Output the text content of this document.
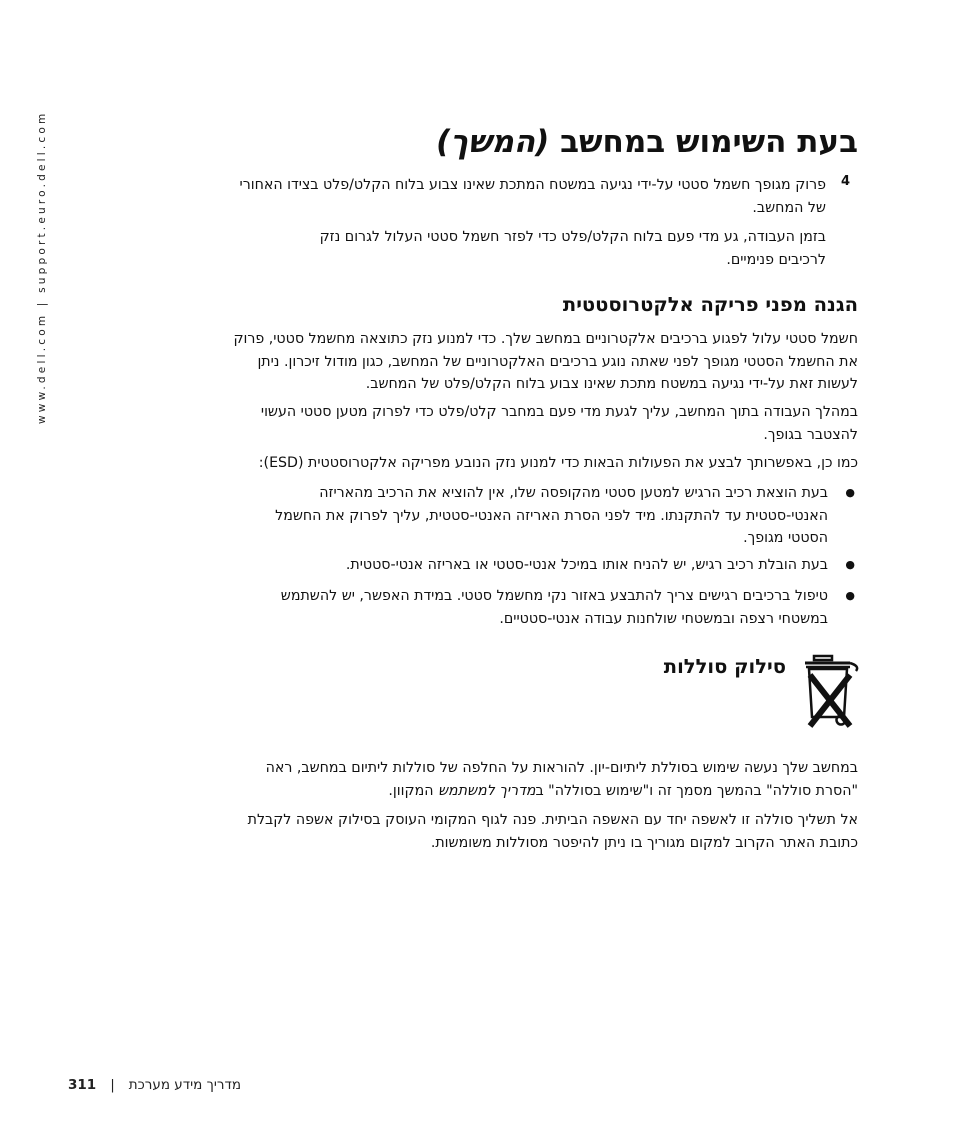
www.dell.com | support.euro.dell.com	בעת השימוש במחשב (המשך)
4
פרוק מגופך חשמל סטטי על-ידי נגיעה במשטח המתכת שאינו צבוע בלוח הקלט/פלט בצידו האחורי
של המחשב.
בזמן העבודה, גע מדי פעם בלוח הקלט/פלט כדי לפזר חשמל סטטי העלול לגרום נזק
לרכיבים פנימיים.
הגנה מפני פריקה אלקטרוסטטית
חשמל סטטי עלול לפגוע ברכיבים אלקטרוניים במחשב שלך. כדי למנוע נזק כתוצאה מחשמל סטטי, פרוק
את החשמל הסטטי מגופך לפני שאתה נוגע ברכיבים האלקטרוניים של המחשב, כגון מודול זיכרון. ניתן
לעשות זאת על-ידי נגיעה במשטח מתכת שאינו צבוע בלוח הקלט/פלט של המחשב.
במהלך העבודה בתוך המחשב, עליך לגעת מדי פעם במחבר קלט/פלט כדי לפרוק מטען סטטי העשוי
להצטבר בגופך.
כמו כן, באפשרותך לבצע את הפעולות הבאות כדי למנוע נזק הנובע מפריקה אלקטרוסטטית (ESD):
●
בעת הוצאת רכיב הרגיש למטען סטטי מהקופסה שלו, אין להוציא את הרכיב מהאריזה
האנטי-סטטית עד להתקנתו. מיד לפני הסרת האריזה האנטי-סטטית, עליך לפרוק את החשמל
הסטטי מגופך.
●
בעת הובלת רכיב רגיש, יש להניח אותו במיכל אנטי-סטטי או באריזה אנטי-סטטית.
●
טיפול ברכיבים רגישים צריך להתבצע באזור נקי מחשמל סטטי. במידת האפשר, יש להשתמש
במשטחי רצפה ובמשטחי שולחנות עבודה אנטי-סטטיים.
סילוק סוללות
במחשב שלך נעשה שימוש בסוללת ליתיום-יון. להוראות על החלפה של סוללות ליתיום במחשב, ראה
"הסרת סוללה" בהמשך מסמך זה ו"שימוש בסוללה" במדריך למשתמש המקוון.
אל תשליך סוללה זו לאשפה יחד עם האשפה הביתית. פנה לגוף המקומי העוסק בסילוק אשפה לקבלת
כתובת האתר הקרוב למקום מגוריך בו ניתן להיפטר מסוללות משומשות.
311 | מדריך מידע מערכת
